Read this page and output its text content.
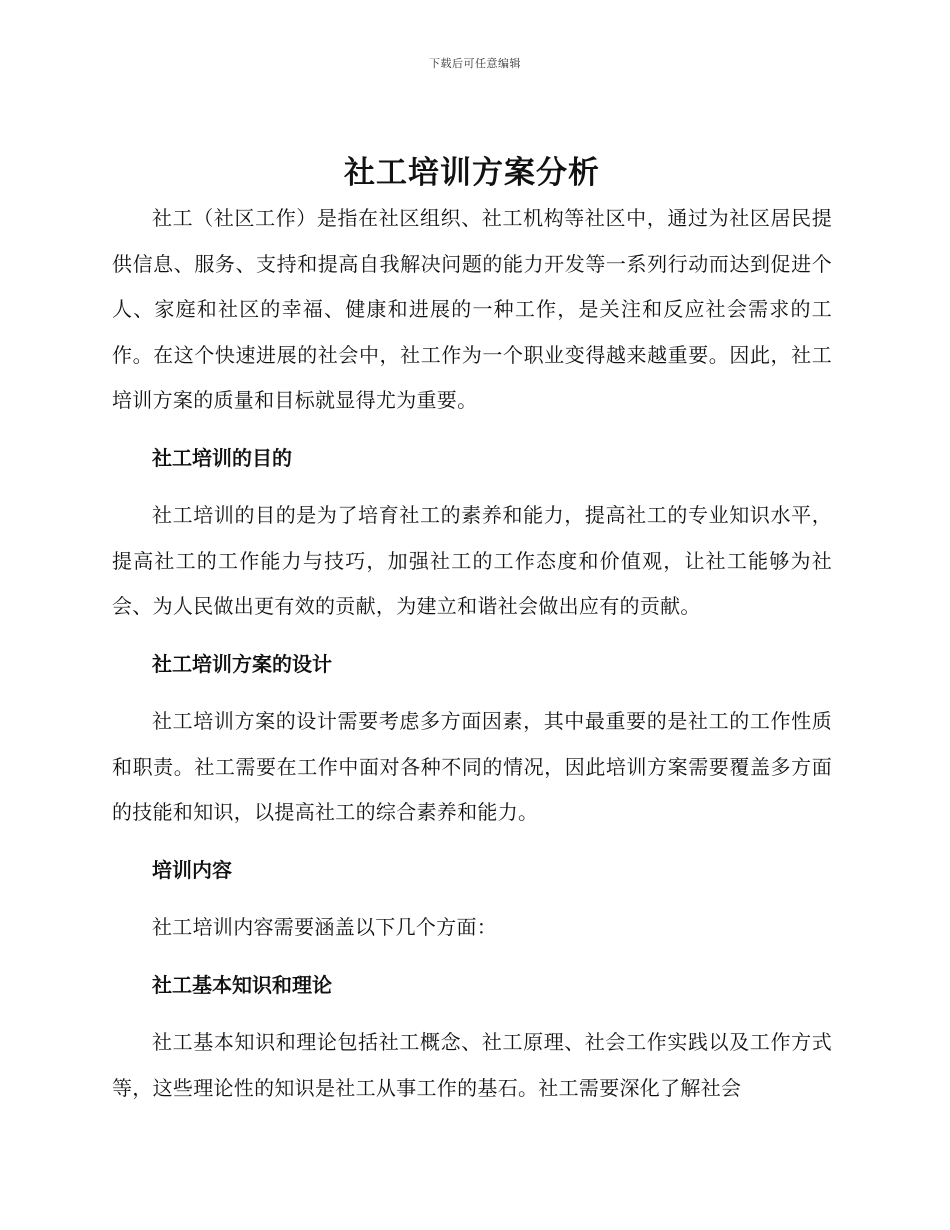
下载后可任意编辑
社工培训方案分析

社工（社区工作）是指在社区组织、社工机构等社区中，通过为社区居民提供信息、服务、支持和提高自我解决问题的能力开发等一系列行动而达到促进个人、家庭和社区的幸福、健康和进展的一种工作，是关注和反应社会需求的工作。在这个快速进展的社会中，社工作为一个职业变得越来越重要。因此，社工培训方案的质量和目标就显得尤为重要。

社工培训的目的

社工培训的目的是为了培育社工的素养和能力，提高社工的专业知识水平，提高社工的工作能力与技巧，加强社工的工作态度和价值观，让社工能够为社会、为人民做出更有效的贡献，为建立和谐社会做出应有的贡献。

社工培训方案的设计

社工培训方案的设计需要考虑多方面因素，其中最重要的是社工的工作性质和职责。社工需要在工作中面对各种不同的情况，因此培训方案需要覆盖多方面的技能和知识，以提高社工的综合素养和能力。

培训内容

社工培训内容需要涵盖以下几个方面：

社工基本知识和理论

社工基本知识和理论包括社工概念、社工原理、社会工作实践以及工作方式等，这些理论性的知识是社工从事工作的基石。社工需要深化了解社会
